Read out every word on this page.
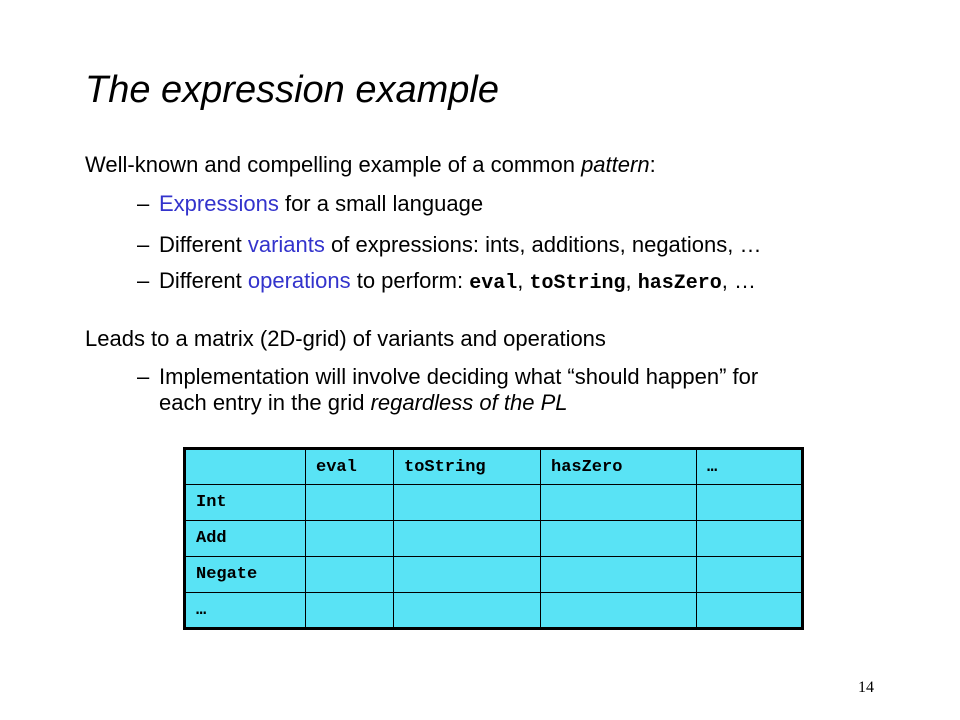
The expression example

Well-known and compelling example of a common pattern:

– Expressions for a small language

– Different variants of expressions: ints, additions, negations, …

– Different operations to perform: eval, toString, hasZero, …

Leads to a matrix (2D-grid) of variants and operations

– Implementation will involve deciding what “should happen” for
each entry in the grid regardless of the PL
	eval	toString	hasZero	…
Int				
Add				
Negate				
…				
14
